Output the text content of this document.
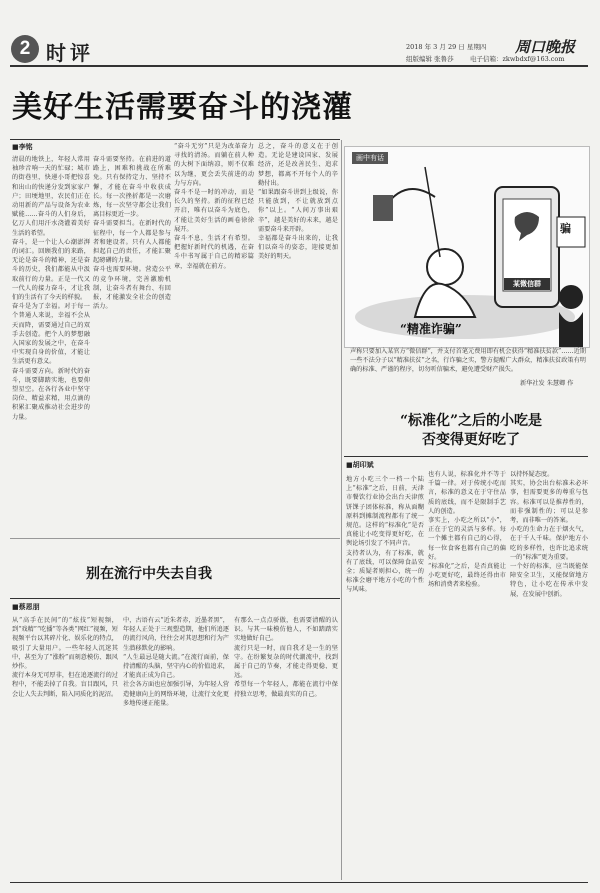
2 时评	2018 年 3 月 29 日 星期四
组版编辑 张鲁莎
周口晚报
电子信箱：zkwbdxf@163.com
美好生活需要奋斗的浇灌
■李铭
清晨的地铁上，年轻人常用袖珍音响一天的忙碌；城市的街巷里，快递小哥把惊喜和出山的快递分发到家家户户；田埂地里，农民们正在动用新的产品与设备为农业赋能……奋斗的人们身后，亿万人们用汗水浇灌着美好生活的希望。
奋斗，是一个让人心潮澎湃的词汇。回顾我们的来路，无论是奋斗的精神，还是奋斗的历史，我们都能从中汲取前行的力量。正是一代又一代人的接力奋斗，才让我们的生活有了今天的样貌。
奋斗是为了幸福。对于每一个普通人来说，幸福不会从天而降，需要通过自己的双手去创造。把个人的梦想融入国家的发展之中，在奋斗中实现自身的价值，才能让生活更有意义。
奋斗需要方向。新时代的奋斗，既要脚踏实地，也要仰望星空。在各行各业中坚守岗位、精益求精，用点滴的积累汇聚成推动社会进步的力量。
奋斗需要坚持。在前进的道路上，困难和挑战在所难免。只有保持定力、坚持不懈，才能在奋斗中收获成长。每一次挫折都是一次磨炼，每一次坚守都会让我们离目标更近一步。
奋斗需要担当。在新时代的征程中，每一个人都是参与者和建设者。只有人人都能担起自己的责任，才能汇聚起磅礴的力量。
奋斗也需要环境。营造公平的竞争环境，完善激励机制，让奋斗者有舞台、有回报，才能激发全社会的创造活力。
“奋斗无穷”只是为改革奋力寻找的清汤。而躺在前人种的大树下面纳凉，则不仅难以为继，更会丢失前进的动力与方向。
奋斗不是一时的冲动，而是长久的坚持。新的征程已经开启，唯有以奋斗为底色，才能让美好生活的画卷徐徐展开。
奋斗不息，生活才有希望。把握好新时代的机遇，在奋斗中书写属于自己的精彩篇章，幸福就在前方。
总之，奋斗的意义在于创造。无论是建设国家、发展经济，还是改善民生、追求梦想，都离不开每个人的辛勤付出。
“如果跟奋斗讲到上级说，你只能放到，不让就放到点你”以上。“人间万事出艰辛”，越是美好的未来，越是需要奋斗来开辟。
幸福都是奋斗出来的，让我们以奋斗的姿态，迎接更加美好的明天。
画中有话
骗
某微信群
“精准诈骗”
声称只要加入某官方“微信群”，并支付首笔元费用即有机会获得“精准扶贫款”……近期一些不法分子以“精准扶贫”之名，行诈骗之实，警方提醒广大群众，精准扶贫政策有明确的标准、严谨的程序，切勿听信骗术，避免遭受财产损失。
新华社发 朱慧卿 作
“标准化”之后的小吃是否变得更好吃了
■胡印斌
地方小吃三个一档一个陆上“标准”之后，日前，天津市餐饮行业协会出台天津煎饼馃子团体标准，称从面糊原料到摊制流程都有了统一规范。这样的“标准化”是否真能让小吃变得更好吃，在舆论场引发了不同声音。
支持者认为，有了标准，就有了底线，可以保障食品安全；质疑者则担心，统一的标准会磨平地方小吃的个性与风味。
也有人说，标准化并不等于千篇一律。对于传统小吃而言，标准的意义在于守住品质的底线，而不是限制手艺人的创造。
事实上，小吃之所以“小”，正在于它的灵活与多样。每一个摊主都有自己的心得，每一位食客也都有自己的偏好。
“标准化”之后，是否真能让小吃更好吃，最终还得由市场和消费者来检验。
以持怀疑态度。
其实，协会出台标准未必坏事，但需要更多的尊重与包容。标准可以是推荐性的，而非强制性的；可以是参考，而非唯一的答案。
小吃的生命力在于烟火气，在于千人千味。保护地方小吃的多样性，也许比追求统一的“标准”更为重要。
一个好的标准，应当既能保障安全卫生，又能保留地方特色，让小吃在传承中发展，在发展中创新。
别在流行中失去自我
■蔡恩朋
从“高手在民间”的“炫技”短视频，到“戏精”“吃播”等各类“网红”视频，短视频平台以其碎片化、娱乐化的特点，吸引了大量用户。一些年轻人沉迷其中，甚至为了“涨粉”而刻意模仿、跟风炒作。
流行本身无可厚非，但在追逐流行的过程中，不能丢掉了自我。盲目跟风，只会让人失去判断，陷入同质化的泥沼。
中，古语有云“近朱者赤，近墨者黑”，年轻人正处于三观塑造期，他们所追逐的流行风尚，往往会对其思想和行为产生潜移默化的影响。
“人生最忌是随大流。”在流行面前，保持清醒的头脑，坚守内心的价值追求，才能真正成为自己。
社会各方面也应加强引导，为年轻人营造健康向上的网络环境，让流行文化更多地传递正能量。
有那么一点点骄傲，也需要清醒的认识。与其一味模仿他人，不如踏踏实实地做好自己。
流行只是一时，而自我才是一生的坚守。在纷繁复杂的时代潮流中，找到属于自己的节奏，才能走得更稳、更远。
希望每一个年轻人，都能在流行中保持独立思考，做最真实的自己。
